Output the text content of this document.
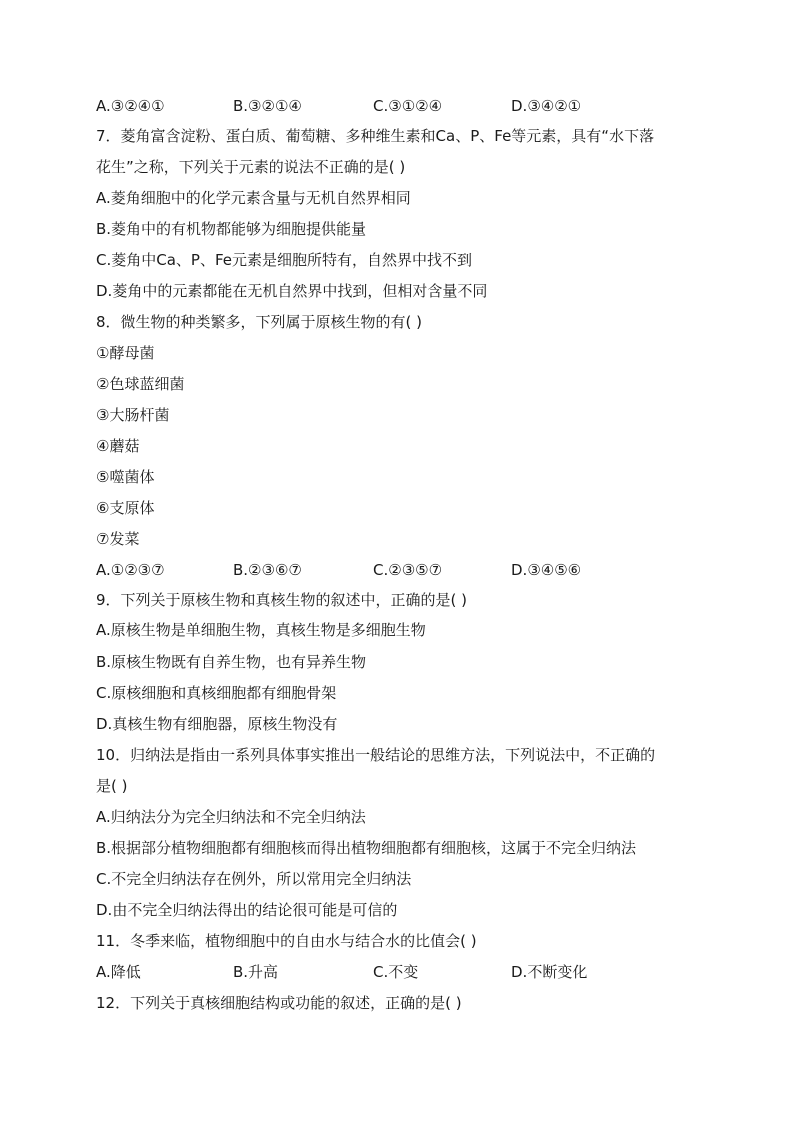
A.③②④①	B.③②①④	C.③①②④	D.③④②①
7．菱角富含淀粉、蛋白质、葡萄糖、多种维生素和Ca、P、Fe等元素，具有“水下落
花生”之称，下列关于元素的说法不正确的是( )
A.菱角细胞中的化学元素含量与无机自然界相同
B.菱角中的有机物都能够为细胞提供能量
C.菱角中Ca、P、Fe元素是细胞所特有，自然界中找不到
D.菱角中的元素都能在无机自然界中找到，但相对含量不同
8．微生物的种类繁多，下列属于原核生物的有( )
①酵母菌
②色球蓝细菌
③大肠杆菌
④蘑菇
⑤噬菌体
⑥支原体
⑦发菜
A.①②③⑦	B.②③⑥⑦	C.②③⑤⑦	D.③④⑤⑥
9．下列关于原核生物和真核生物的叙述中，正确的是( )
A.原核生物是单细胞生物，真核生物是多细胞生物
B.原核生物既有自养生物，也有异养生物
C.原核细胞和真核细胞都有细胞骨架
D.真核生物有细胞器，原核生物没有
10．归纳法是指由一系列具体事实推出一般结论的思维方法，下列说法中，不正确的
是( )
A.归纳法分为完全归纳法和不完全归纳法
B.根据部分植物细胞都有细胞核而得出植物细胞都有细胞核，这属于不完全归纳法
C.不完全归纳法存在例外，所以常用完全归纳法
D.由不完全归纳法得出的结论很可能是可信的
11．冬季来临，植物细胞中的自由水与结合水的比值会( )
A.降低	B.升高	C.不变	D.不断变化
12．下列关于真核细胞结构或功能的叙述，正确的是( )
